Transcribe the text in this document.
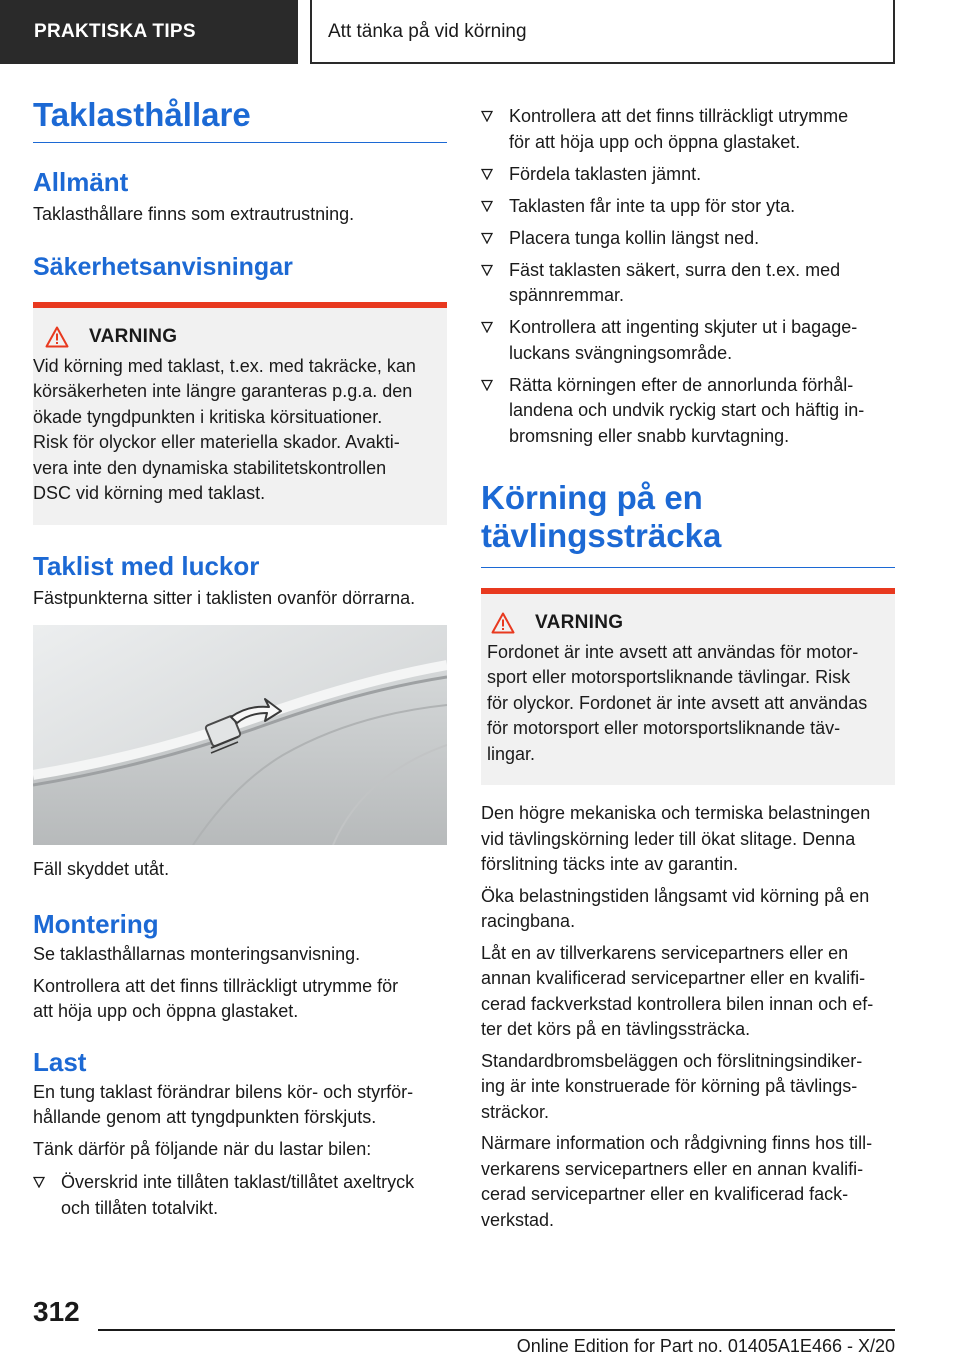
PRAKTISKA TIPS	Att tänka på vid körning
Taklasthållare
Allmänt

Taklasthållare finns som extrautrustning.

Säkerhetsanvisningar
VARNING
Vid körning med taklast, t.ex. med takräcke, kan
körsäkerheten inte längre garanteras p.g.a. den
ökade tyngdpunkten i kritiska körsituationer.
Risk för olyckor eller materiella skador. Avakti-
vera inte den dynamiska stabilitetskontrollen
DSC vid körning med taklast.
Taklist med luckor

Fästpunkterna sitter i taklisten ovanför dörrarna.

Fäll skyddet utåt.

Montering

Se taklasthållarnas monteringsanvisning.

Kontrollera att det finns tillräckligt utrymme för
att höja upp och öppna glastaket.

Last

En tung taklast förändrar bilens kör- och styrför-
hållande genom att tyngdpunkten förskjuts.

Tänk därför på följande när du lastar bilen:

Överskrid inte tillåten taklast/tillåtet axeltryck
och tillåten totalvikt.
Kontrollera att det finns tillräckligt utrymme
för att höja upp och öppna glastaket.
Fördela taklasten jämnt.
Taklasten får inte ta upp för stor yta.
Placera tunga kollin längst ned.
Fäst taklasten säkert, surra den t.ex. med
spännremmar.
Kontrollera att ingenting skjuter ut i bagage-
luckans svängningsområde.
Rätta körningen efter de annorlunda förhål-
landena och undvik ryckig start och häftig in-
bromsning eller snabb kurvtagning.
Körning på en
tävlingssträcka
VARNING
Fordonet är inte avsett att användas för motor-
sport eller motorsportsliknande tävlingar. Risk
för olyckor. Fordonet är inte avsett att användas
för motorsport eller motorsportsliknande täv-
lingar.

Den högre mekaniska och termiska belastningen
vid tävlingskörning leder till ökat slitage. Denna
förslitning täcks inte av garantin.

Öka belastningstiden långsamt vid körning på en
racingbana.

Låt en av tillverkarens servicepartners eller en
annan kvalificerad servicepartner eller en kvalifi-
cerad fackverkstad kontrollera bilen innan och ef-
ter det körs på en tävlingssträcka.

Standardbromsbeläggen och förslitningsindiker-
ing är inte konstruerade för körning på tävlings-
sträckor.

Närmare information och rådgivning finns hos till-
verkarens servicepartners eller en annan kvalifi-
cerad servicepartner eller en kvalificerad fack-
verkstad.

312
Online Edition for Part no. 01405A1E466 - X/20
